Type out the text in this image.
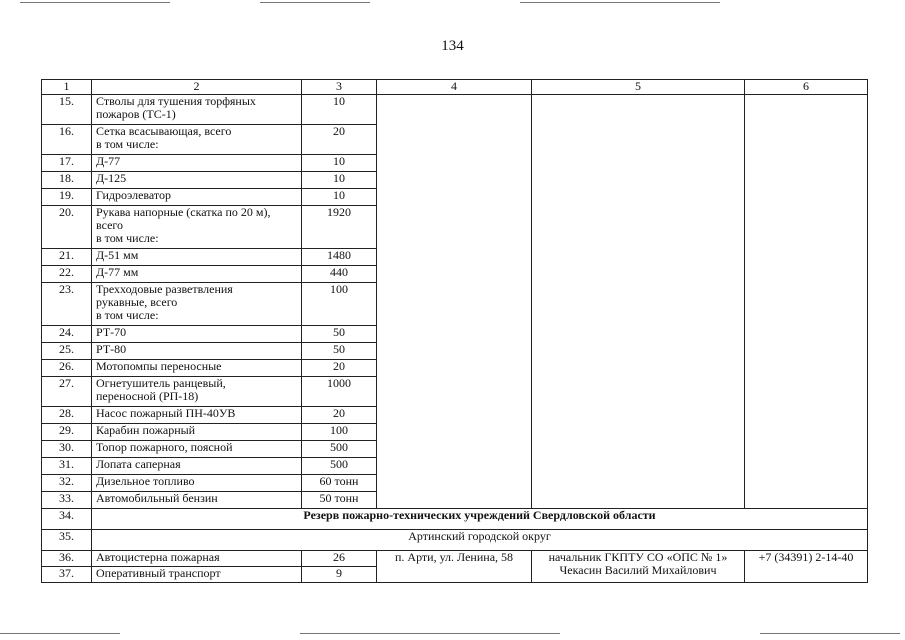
134
1	2	3	4	5	6
15.	Стволы для тушения торфяных
пожаров (ТС-1)	10			
16.	Сетка всасывающая, всего
в том числе:	20			
17.	Д-77	10			
18.	Д-125	10			
19.	Гидроэлеватор	10			
20.	Рукава напорные (скатка по 20 м),
всего
в том числе:	1920			
21.	Д-51 мм	1480			
22.	Д-77 мм	440			
23.	Трехходовые разветвления
рукавные, всего
в том числе:	100			
24.	РТ-70	50			
25.	РТ-80	50			
26.	Мотопомпы переносные	20			
27.	Огнетушитель ранцевый,
переносной (РП-18)	1000			
28.	Насос пожарный ПН-40УВ	20			
29.	Карабин пожарный	100			
30.	Топор пожарного, поясной	500			
31.	Лопата саперная	500			
32.	Дизельное топливо	60 тонн			
33.	Автомобильный бензин	50 тонн			
34.	Резерв пожарно-технических учреждений Свердловской области				
35.	Артинский городской округ				
36.	Автоцистерна пожарная	26	п. Арти, ул. Ленина, 58	начальник ГКПТУ СО «ОПС № 1»
Чекасин Василий Михайлович	+7 (34391) 2-14-40
37.	Оперативный транспорт	9			
